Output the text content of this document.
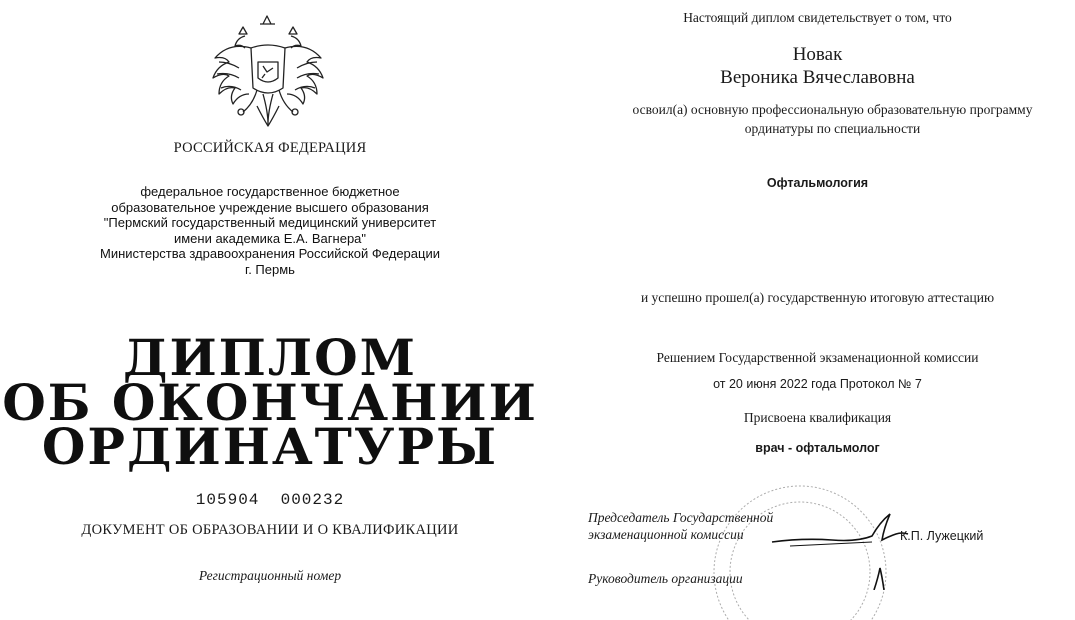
РОССИЙСКАЯ ФЕДЕРАЦИЯ
федеральное государственное бюджетное
образовательное учреждение высшего образования
"Пермский государственный медицинский университет
имени академика Е.А. Вагнера"
Министерства здравоохранения Российской Федерации
г. Пермь
ДИПЛОМ
ОБ ОКОНЧАНИИ
ОРДИНАТУРЫ
105904  000232
ДОКУМЕНТ ОБ ОБРАЗОВАНИИ И О КВАЛИФИКАЦИИ
Регистрационный номер
Настоящий диплом свидетельствует о том, что
Новак
Вероника Вячеславовна
освоил(а) основную профессиональную образовательную программу
ординатуры по специальности
Офтальмология
и успешно прошел(а) государственную итоговую аттестацию
Решением Государственной экзаменационной комиссии
от 20 июня 2022 года Протокол № 7
Присвоена квалификация
врач - офтальмолог
Председатель Государственной
экзаменационной комиссии	К.П. Лужецкий
Руководитель организации
